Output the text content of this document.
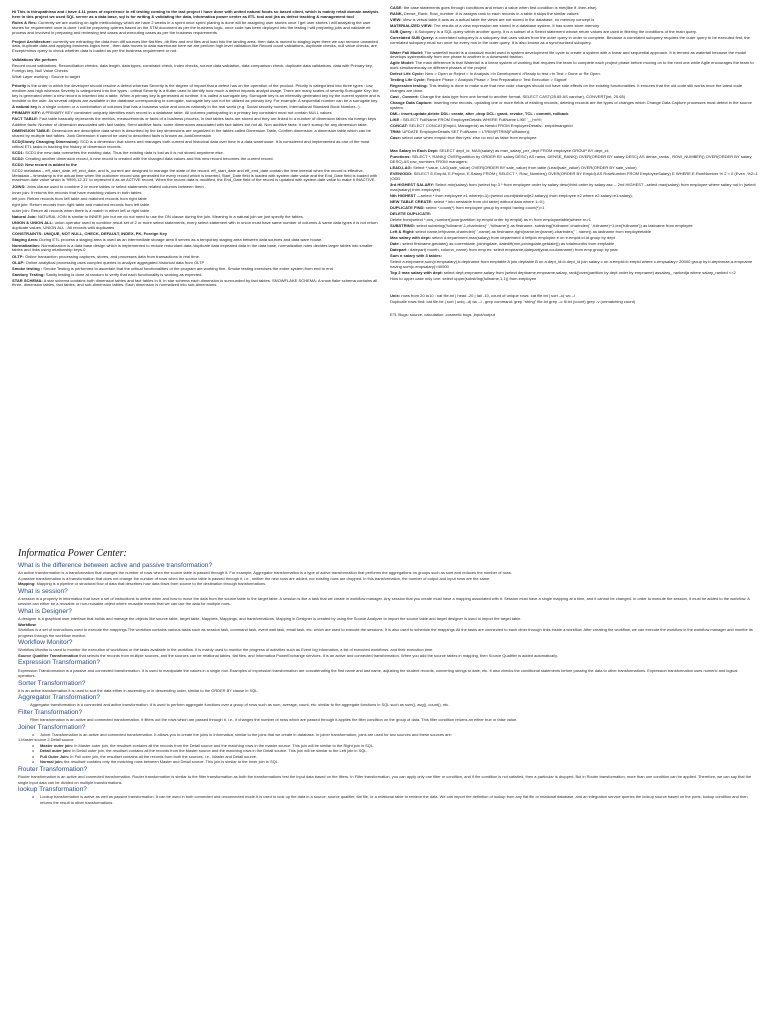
Hi This is thirupathirao and I have 4.11 years of experience in etl testing coming to the last project I have done with united natural foods so based client, which is mainly retail domain analysis here in this project we used SQL server as a data base, sql is for writing & validating the data, informatica power center as ETL tool and jira as defect tracking & management tool

Roles & Res: Currently we are working on agile methodology which we have 2 weeks in a sprint once sprint planing is done will be assigning user stories once I get user stories I will analyzing the user stories for requirement once is done I will be preparing queries based on the STM document as per the business logic, once code has been deployed into the testing I will preparing jobs and validate etl process and involved in preparing and reviewing test cases and executing cases as per the business requirements.

Project Architecture: currently we extracting the data from diff sources like flat files ,db files and xml files and load into the landing area, then data is moved to staging layer there we can remove unwanted data, duplicate data and applying business logics here , then data moves to data warehouse here we are perform high level validation like Record count validations, duplicate checks, null value checks, are Except/minus query to check whether data is loaded as per the business requirement or not.

Validations We perform

Record count validations, Reconciliation checks, data length, data types, constraint check, index checks, source data validation, data comparison check, duplicate data validations, data with Primary key, Foreign key, Null Value Checks

What Layer working : Source to target

Priority is the order in which the developer should resolve a defect whereas Severity is the degree of impact that a defect has on the operation of the product. Priority is categorized into three types : low, medium and high whereas Severity is categorized into five types : critical Severity is a flutter used to identify how much a defect impacts analyst usage. There are many scales of severity.Surrogate Key: the key is generated when a new record is inserted into a table. When a primary key is generated at runtime, it is called a surrogate key. Surrogate key is an internally generated key by the current system and is invisible to the user. As several objects are available in the database corresponding to surrogate, surrogate key can not be utilized as primary key. For example: A sequential number can be a surrogate key.

A natural key is a single column or a combination of columns that has a business value and occurs naturally in the real world (e.g. Social security number, International Standard Book Number...).

PRIMARY KEY: A PRIMARY KEY constraint uniquely identifies each record in a database table. All columns participating in a primary key constraint must not contain NULL values

FACT TABLE: Fact table basically represents the metrics, measurements or facts of a business process, In fact tables facts are stored and they are linked to a number of dimension tables via foreign keys

Additive facts: Number of dimension associated with fact tables, Semi additive facts: some dimensions associated with fact tables but not all. Non additive facts: it can't sumup for any dimension table.

DIMENSION TABLE: Dimensions are descriptive data which is described by the key dimensions are organized in the tables called Dimension Table, Confirm dimension: a dimension table which can be shared by multiple fact tables. Junk Dimension it cannot be used to described facts is known as JunkDimension

SCD(Slowly Changing Dimension): SCD is a dimension that stores and manages both current and historical data over time in a data warehouse. It is considered and implemented as one of the most critical ETL tasks in tracking the history of dimension records.

SCD1: SCD1 the new data overwrites the existing data. Thus the existing data is lost as it is not stored anywhere else.

SCD2: Creating another dimension record, A new record is created with the changed data values and this new record becomes the current record.

SCD2: New record is added to the

SCD2 metadata – eff_start_date, eff_end_date, and is_current are designed to manage the state of the record. eff_start_date and eff_end_date contain the time interval when the record is effective. Metadata – timestamp is the actual time when the customer record was generated for every record which is inserted, Start_Date field is loaded with system date value and the End_Date field is loaded with maximum date value which is '9999-12-31' to represent it as an ACTIVE record. When the record data is modified, the End_Date field of the record is updated with system date value to make it INACTIVE.

JOINS: Joins clause used to combine 2 or more tables or select statements related columns between them .

Inner join: It returns the records that have matching values in both tables

left join: Return records from left table and matched records from right table

right join: Return records from right table and matched records from left table

outer join: Return all records when there is a match in either left or right table

Natural Join: NATURAL JOIN is similar to INNER join but we do not need to use the ON clause during the join. Meaning in a natural join we just specify the tables.

UNION & UNION ALL: union operator used to combine result set of 2 or more select statements, every select statement with in union must have same number of columns & same data types it is not return duplicate values, UNION ALL : All records with duplicates

CONSTRAINTS: UNIQUE, NOT NULL, CHECK, DEFAULT, INDEX, PK, Foreign Key

Staging Area: During ETL process a staging area is used as an intermediate storage area it serves as a temporary staging area between data sources and data ware house.

Normalization: Normalization is a data base design which is implemented to reduce redundant data /duplicate data /repeated data in the data base, normalization rules decides larger tables into smaller tables and links using relationship keys.0

OLTP: Online transaction processing captures, stores, and processes data from transactions in real time.

OLAP: Online analytical processing uses complex queries to analyze aggregated historical data from OLTP

Smoke testing : Smoke Testing is performed to ascertain that the critical functionalities of the program are working fine. Smoke testing exercises the entire system from end to end

Sanitory Testing: Sanity testing is done at random to verify that each functionality is working as expected.

STAR SCHEMA: A star schema contains both dimension tables and fact tables in it. In star schema each dimension is surrounded by fact tables. SNOWFLAKE SCHEMA: A snow flake schema contains all three- dimension tables, fact tables, and sub-dimension tables. Each dimension is normalized into sub-dimensions.

CASE: the case statements goes through conditions and return a value when first condition is met(like if -then-else)

RANK, Dense_Rank, Row_number :It is assigns rank to each records in a table it skips the similar values

VIEW: View is virtual table it acts as a actual table the views are not stored in the database, no memory concept is

MATERIALIZED VIEW: The results of a view expression are stored in a database system. It has some store memory

SUB Query : A Subquery is a SQL query within another query. It is a subset of a Select statement whose return values are used in filtering the conditions of the main query.

Correlated SUB Query: a correlated subquery is a subquery that uses values from the outer query in order to complete. Because a correlated subquery requires the outer query to be executed first, the correlated subquery must run once for every row in the outer query. It is also known as a synchronized subquery.

Water Fall Model: The waterfall model is a classical model used in system development life cycle to create a system with a linear and sequential approach. It is termed as waterfall because the model develops systematically from one phase to another in a downward fashion.

Agile Model: The main difference is that Waterfall is a linear system of working that requires the team to complete each project phase before moving on to the next one while Agile encourages the team to work simultaneously on different phases of the project

Defect Life Cycle: New > Open or Reject > In Analysis >In Development >Ready to test >In Test > Done or Re Open.

Testing Life Cycle: Require Phase > Analysis Phase > Test Preparation> Test Execution > Signoff

Regression testing: This testing is done to make sure that new code changes should not have side effects on the existing functionalities. It ensures that the old code still works once the latest code changes are done.

Cast , Convert: Change the data type from one format to another format. SELECT CAST(25.65 AS varchar), CONVERT(int, 25.65)

Change Data Capture: Inserting new records, updating one or more fields of existing records, deleting records are the types of changes which Change Data Capture processes must detect in the source system.

DML: insert,update,delete DDL: create, alter ,drop DCL: grant, revoke, TCL : commit, rollback

LIKE : SELECT FullName FROM EmployeeDetails WHERE FullName LIKE '__hn%';

CONCAT: SELECT CONCAT(EmpId, ManagerId) as NewId FROM EmployeeDetails;- empidmangerid

TRIM: UPDATE EmployeeDetails SET FullName = LTRIM(RTRIM(FullName));

Case: select case when empid=true then'yes' else no end as false from employee

Max Salary in Each Dept: SELECT dept_id, MAX(salary) as max_salary_per_dept FROM employee GROUP BY dept_id;

Functions: SELECT *, RANK() OVER(partition by ORDER BY salary DESC) AS ranks, DENSE_RANK() OVER(ORDER BY salary DESC) AS dense_ranks , ROW_NUMBER() OVER(ORDER BY salary DESC) AS row_numbers FROM managers;

LEAD,LAG: Select *,value, LAG(sale_value) OVER(ORDER BY sale_value) from table (Lead(sale_value) OVER(ORDER BY sale_value)

EVEN/ODD: SELECT E.EmpId, E.Project, E.Salary FROM ( SELECT *, Row_Number() OVER(ORDER BY EmpId) AS RowNumber FROM EmployeeSalary) E WHERE E.RowNumber % 2 = 0 (Even ,%2=1 )ODD

3rd HIGHEST SALARY: Select min(salary) from (select top 3 * from employee order by salary desc)third order by salary asc -- 2nd HIGHEST –select max(salary) from employee where salary not in (select max(salary) from employee)

Nth HIGHEST —select * from employee e1 where(n-1)=(select count(distinct(e2.salary)) from employee e2 where e2.salary>e1.salary);

NEW TABLE CREATE: select * into newtable from old table( without data where 1=0;)

DUPLICATE FIND: select *,count(*) from employee group by empid having count(*)>1

DELETE DUPLICATE:

Delete from(select *,row_number()over(partition by empid order by empid) as rn from employeetable)where rn>1

SUBSTRING: select substring('fullname',1,charindex(' ','fullname')) as firstname, substring('fullname',charindex(' ',fullname)+1,len('fullname')) as lastname from employee

Left & Right: select name,left(name,charindex(' ',name) as firstname,right(name,len(name)-charindex(' ', name)) as lastname from employeetable

Max salary with dept: select d.department,max(salary) from department d leftjoin employee e on e.empid=d.id group by dept

Date : select firstname,getdate() as currentdate ,joiningdate, datediff(mm,joiningdate,getdate()) as totalmonths from emptable

Datepart : datepart( month, column_name) from emp ex: select empname,datepart(year,coulumname) from emp group by year

Sum n salary with 3 tables:

Select a.empname,sum(c.empsalary),b.deptname from emptable A join deptable B on a.dept_id=b.dept_id join salary c on a.empid=b.empid where c.empsalary> 20000 group by b.deptnmae,a.empname having sum(c.empsalary)>40000

Top 2 max salary with dept: select dept,empname,salary from (select deptname,empname,salary, rank()over(partition by dept order by empname) assalary_ rankedja where salary_ranked <=2

How to upper case only one: select upper(substring(fullname,1,1)) from employee

Unix: rows from 20 to10 : cat file.txt | head -20 | tail -10, count of unique rows: cat file.txt | sort –u| wc –l

Duplicate rows find: cat file.txt | sort | uniq –d| wc –l , grep command: grep "string" file.txt grep –c fil.txt (count) grep -v (unmatching count)

ETL Bugs: source, calculation ,cosmetic bugs ,input/output

Informatica Power Center:
What is the difference between active and passive transformation?
An active transformation is a transformation that changes the number of rows when the source table is passed through it. For example, Aggregator transformation is a type of active transformation that performs the aggregations on groups such as sum and reduces the number of rows.
A passive transformation is a transformation that does not change the number of rows when the source table is passed through it, i.e., neither the new rows are added, nor existing rows are dropped. In this transformation, the number of output and input rows are the same.
Mapping: Mapping is a pipeline or structural flow of data that describes how data flows from source to the destination through transformations.
What is session?
A session is a property in Informatica that have a set of instructions to define when and how to move the data from the source table to the target table. A session is like a task that we create in workflow manager. Any session that you create must have a mapping associated with it. Session must have a single mapping at a time, and it cannot be changed. In order to execute the session, it must be added to the workflow. A session can either be a reusable or non-reusable object where reusable means that we can use the data for multiple rows.
What is Designer?
A designer is a graphical user interface that builds and manage the objects like source table, target table, Mapplets, Mappings, and transformations. Mapping in Designer is created by using the Source Analyzer to import the source table and target designer is used to import the target table.
Workflow
Workflow is a set of instructions used to execute the mappings.The workflow contains various tasks such as session task, command task, event wait task, email task, etc. which are used to execute the sessions. It is also used to schedule the mappings.All the tasks are connected to each other through links inside a workflow. After creating the workflow, we can execute the workflow in the workflow manager and monitor its progress through the workflow monitor.
Workflow Monitor?
Workflow Monitor is used to monitor the execution of workflows or the tasks available in the workflow. It is mainly used to monitor the progress of activities such as Event log information, a list of executed workflows, and their execution time.
Source Qualifier Transformation that selects the records from multiple sources, and the sources can be relational tables, flat files, and Informatica PowerExchange services. It is an active and connected transformation. When you add the source tables in mapping, then Source Qualifier is added automatically.
Expression Transformation?
Expression Transformation is a passive and connected transformation. It is used to manipulate the values in a single row. Examples of expression transformation are concatenating the first name and last name, adjusting the student records, converting strings to date, etc. It also checks the conditional statements before passing the data to other transformations. Expression transformation uses numeric and logical operators.
Sorter Transformation?
It is an active transformation.It is used to sort the data either in ascending or in descending order, similar to the ORDER BY clause in SQL.
Aggregator Transformation?
Aggregator transformation is a connected and active transformation. It is used to perform aggregate functions over a group of rows such as sum, average, count, etc. similar to the aggregate functions in SQL such as sum(), avg(), count(), etc.
Filter Transformation?
Filter transformation is an active and connected transformation. It filters out the rows which are passed through it, i.e., it changes the number of rows which are passed through it.applies the filter condition on the group of data. This filter condition returns an either true or false value.
Joiner Transformation?
o Joiner Transformation is an active and connected transformation. It allows you to create the joins in Informatica, similar to the joins that we create in database. In joiner transformation, joins are used for two sources and these sources are:
1.Master source 2.Detail source
o Master outer join: In Master outer join, the resultset contains all the records from the Detail source and the matching rows in the master source. This join will be similar to the Right join in SQL.
o Detail outer join: In Detail outer join, the resultset contains all the records from the Master source and the matching rows in the Detail source. This join will be similar to the Left join in SQL.
o Full Outer Join: In Full outer join, the resultset contains all the records from both the sources, i.e., Master and Detail source.
o Normal join: the resultset contains only the matching rows between Master and Detail source. This join is similar to the inner join in SQL.
Router Transformation?
Router transformation is an active and connected transformation. Router transformation is similar to the filter transformation as both the transformations test the input data based on the filters. In Filter transformation, you can apply only one filter or condition, and if the condition is not satisfied, then a particular is dropped. But in Router transformation, more than one condition can be applied. Therefore, we can say that the single input data can be divided on multiple transformations.
lookup Transformation?
o Lookup transformation is active as well as passive transformation. It can be used in both connected and unconnected mode.It is used to look up the data in a source, source qualifier, flat file, or a relational table to retrieve the data. We can import the definition of lookup from any flat file or relational database, and an integration service queries the lookup source based on the ports, lookup condition and then returns the result to other transformations.
